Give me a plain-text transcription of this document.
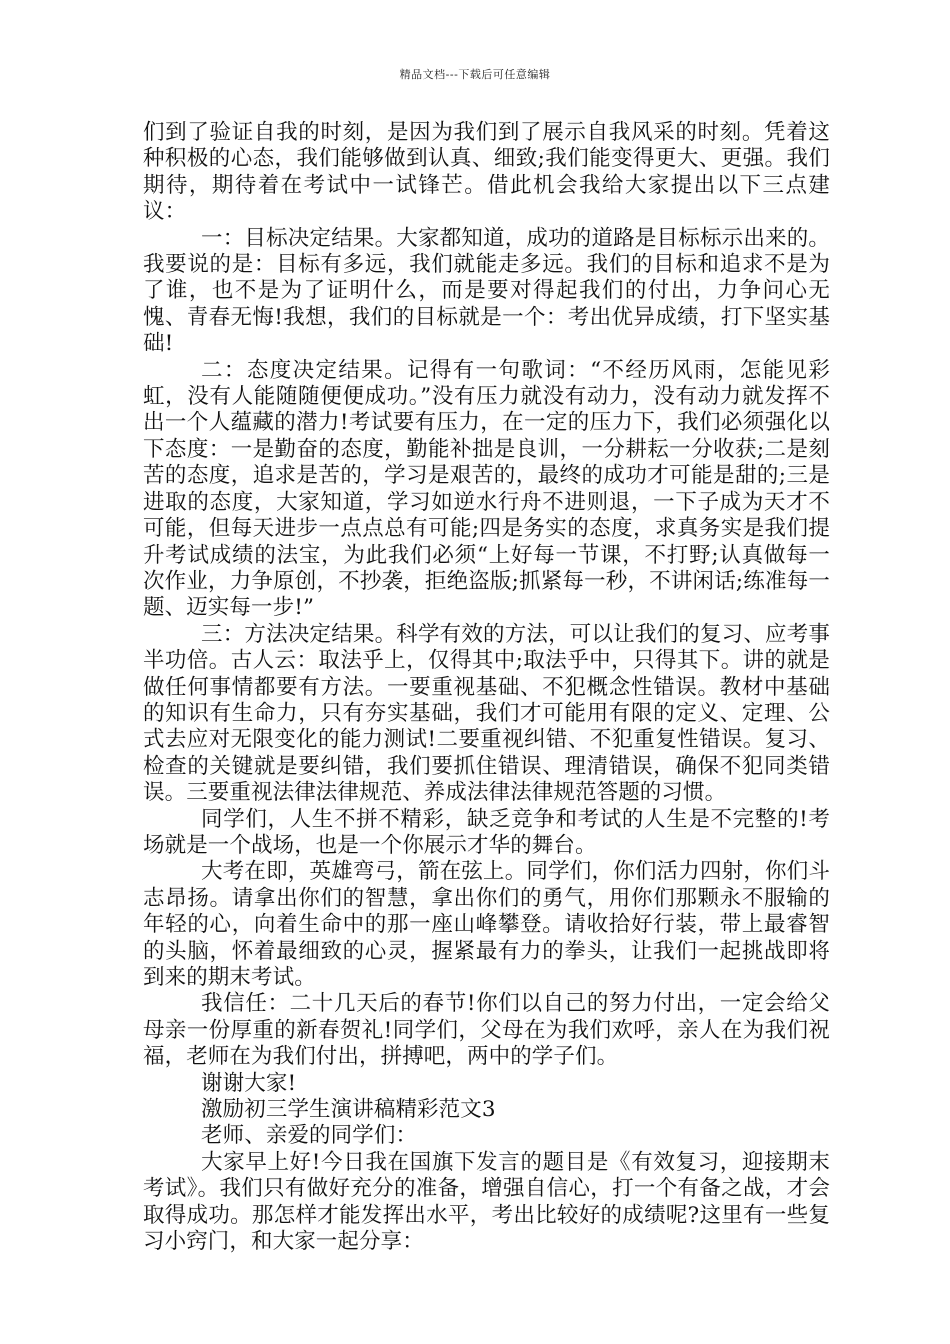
精品文档---下载后可任意编辑

们到了验证自我的时刻，是因为我们到了展示自我风采的时刻。凭着这种积极的心态，我们能够做到认真、细致;我们能变得更大、更强。我们期待，期待着在考试中一试锋芒。借此机会我给大家提出以下三点建议：

一：目标决定结果。大家都知道，成功的道路是目标标示出来的。我要说的是：目标有多远，我们就能走多远。我们的目标和追求不是为了谁，也不是为了证明什么，而是要对得起我们的付出，力争问心无愧、青春无悔!我想，我们的目标就是一个：考出优异成绩，打下坚实基础!

二：态度决定结果。记得有一句歌词：“不经历风雨，怎能见彩虹，没有人能随随便便成功。”没有压力就没有动力，没有动力就发挥不出一个人蕴藏的潜力!考试要有压力，在一定的压力下，我们必须强化以下态度：一是勤奋的态度，勤能补拙是良训，一分耕耘一分收获;二是刻苦的态度，追求是苦的，学习是艰苦的，最终的成功才可能是甜的;三是进取的态度，大家知道，学习如逆水行舟不进则退，一下子成为天才不可能，但每天进步一点点总有可能;四是务实的态度，求真务实是我们提升考试成绩的法宝，为此我们必须“上好每一节课，不打野;认真做每一次作业，力争原创，不抄袭，拒绝盗版;抓紧每一秒，不讲闲话;练准每一题、迈实每一步!”

三：方法决定结果。科学有效的方法，可以让我们的复习、应考事半功倍。古人云：取法乎上，仅得其中;取法乎中，只得其下。讲的就是做任何事情都要有方法。一要重视基础、不犯概念性错误。教材中基础的知识有生命力，只有夯实基础，我们才可能用有限的定义、定理、公式去应对无限变化的能力测试!二要重视纠错、不犯重复性错误。复习、检查的关键就是要纠错，我们要抓住错误、理清错误，确保不犯同类错误。三要重视法律法律规范、养成法律法律规范答题的习惯。

同学们，人生不拼不精彩，缺乏竞争和考试的人生是不完整的!考场就是一个战场，也是一个你展示才华的舞台。

大考在即，英雄弯弓，箭在弦上。同学们，你们活力四射，你们斗志昂扬。请拿出你们的智慧，拿出你们的勇气，用你们那颗永不服输的年轻的心，向着生命中的那一座山峰攀登。请收拾好行装，带上最睿智的头脑，怀着最细致的心灵，握紧最有力的拳头，让我们一起挑战即将到来的期末考试。

我信任：二十几天后的春节!你们以自己的努力付出，一定会给父母亲一份厚重的新春贺礼!同学们，父母在为我们欢呼，亲人在为我们祝福，老师在为我们付出，拼搏吧，两中的学子们。

谢谢大家!

激励初三学生演讲稿精彩范文3

老师、亲爱的同学们：

大家早上好!今日我在国旗下发言的题目是《有效复习，迎接期末考试》。我们只有做好充分的准备，增强自信心，打一个有备之战，才会取得成功。那怎样才能发挥出水平，考出比较好的成绩呢?这里有一些复习小窍门，和大家一起分享：
